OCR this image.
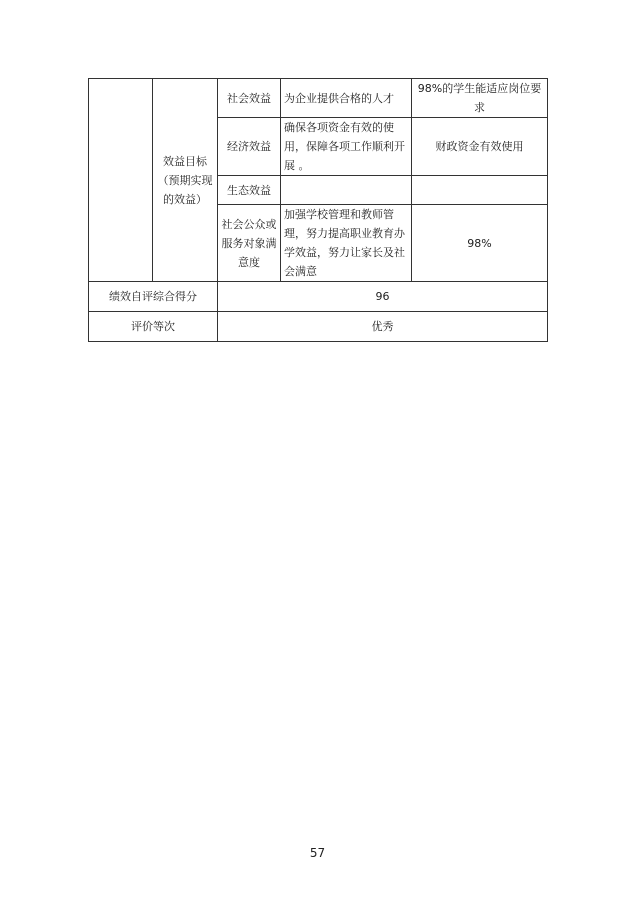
	效益目标（预期实现的效益）	社会效益	为企业提供合格的人才	98%的学生能适应岗位要求
		经济效益	确保各项资金有效的使用，保障各项工作顺利开展 。	财政资金有效使用
		生态效益		
		社会公众或服务对象满意度	加强学校管理和教师管理，努力提高职业教育办学效益，努力让家长及社会满意	98%
绩效自评综合得分		96		
评价等次		优秀		
57
